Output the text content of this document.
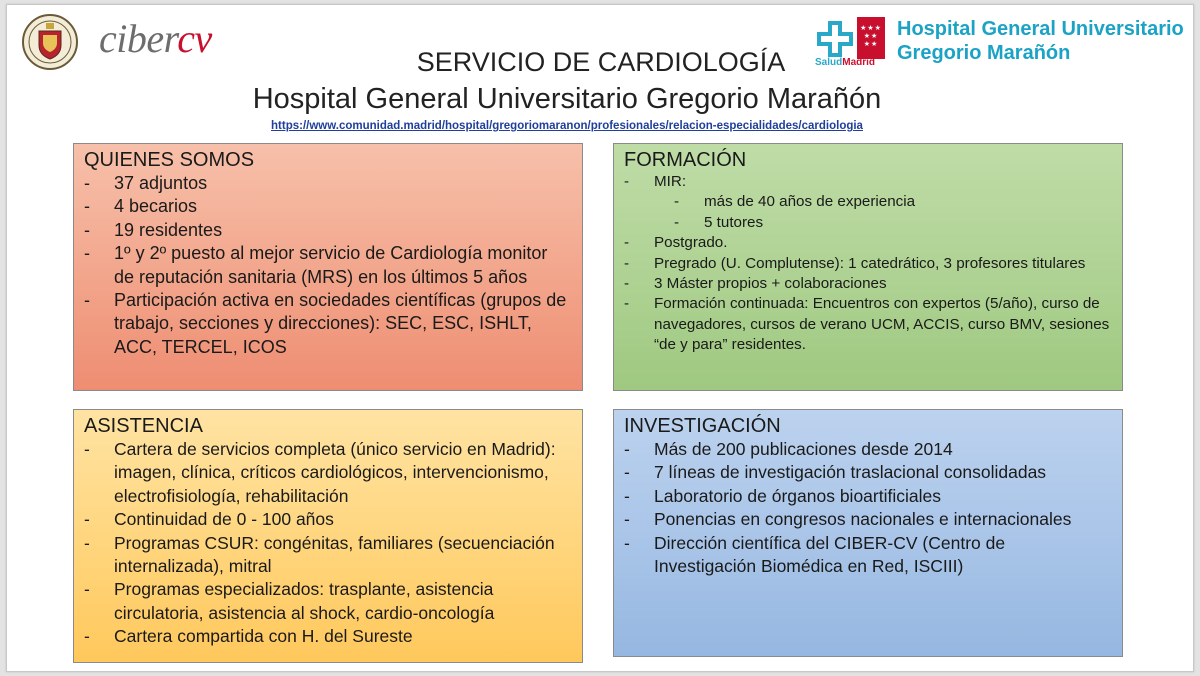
cibercv	★★★
★★
★★
SaludMadrid
Hospital General Universitario
Gregorio Marañón
SERVICIO DE CARDIOLOGÍA
Hospital General Universitario Gregorio Marañón
https://www.comunidad.madrid/hospital/gregoriomaranon/profesionales/relacion-especialidades/cardiologia
QUIENES SOMOS
- 37 adjuntos
- 4 becarios
- 19 residentes
- 1º y 2º puesto al mejor servicio de Cardiología monitor de reputación sanitaria (MRS) en los últimos 5 años
- Participación activa en sociedades científicas (grupos de trabajo, secciones y direcciones): SEC, ESC, ISHLT, ACC, TERCEL, ICOS
FORMACIÓN
- MIR:
- más de 40 años de experiencia
- 5 tutores
- Postgrado.
- Pregrado (U. Complutense): 1 catedrático, 3 profesores titulares
- 3 Máster propios + colaboraciones
- Formación continuada: Encuentros con expertos (5/año), curso de navegadores, cursos de verano UCM, ACCIS, curso BMV, sesiones “de y para” residentes.
ASISTENCIA
- Cartera de servicios completa (único servicio en Madrid): imagen, clínica, críticos cardiológicos, intervencionismo, electrofisiología, rehabilitación
- Continuidad de 0 - 100 años
- Programas CSUR: congénitas, familiares (secuenciación internalizada), mitral
- Programas especializados: trasplante, asistencia circulatoria, asistencia al shock, cardio-oncología
- Cartera compartida con H. del Sureste
INVESTIGACIÓN
- Más de 200 publicaciones desde 2014
- 7 líneas de investigación traslacional consolidadas
- Laboratorio de órganos bioartificiales
- Ponencias en congresos nacionales e internacionales
- Dirección científica del CIBER-CV (Centro de Investigación Biomédica en Red, ISCIII)
